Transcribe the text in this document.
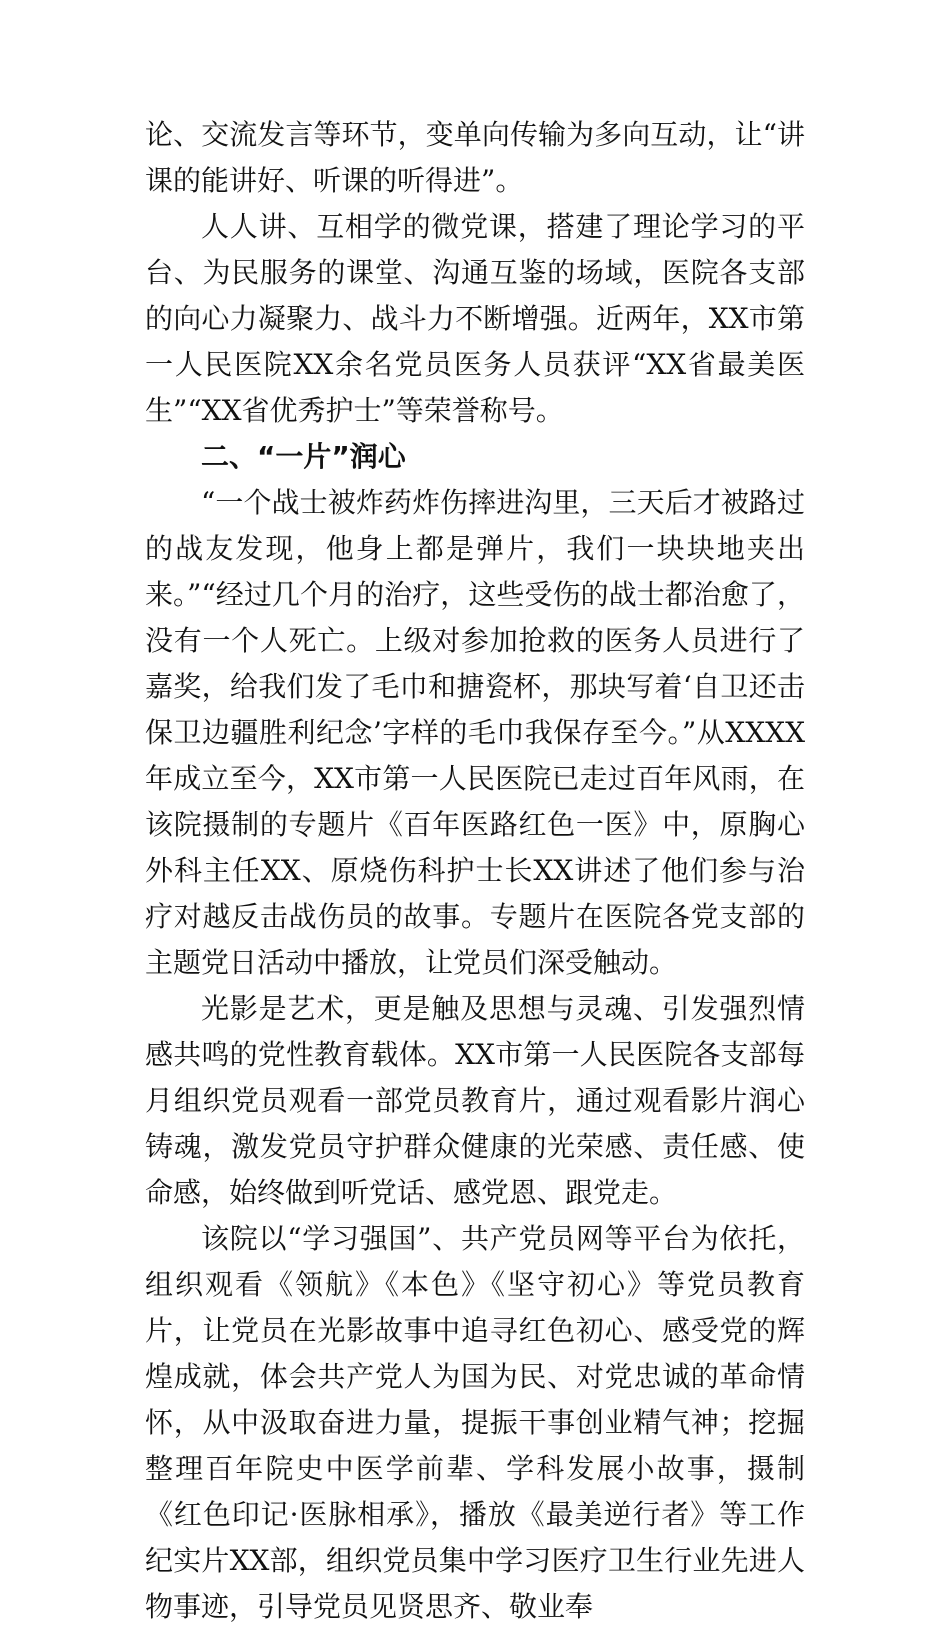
论、交流发言等环节，变单向传输为多向互动，让“讲课的能讲好、听课的听得进”。

人人讲、互相学的微党课，搭建了理论学习的平台、为民服务的课堂、沟通互鉴的场域，医院各支部的向心力凝聚力、战斗力不断增强。近两年，XX市第一人民医院XX余名党员医务人员获评“XX省最美医生”“XX省优秀护士”等荣誉称号。

二、“一片”润心

“一个战士被炸药炸伤摔进沟里，三天后才被路过的战友发现，他身上都是弹片，我们一块块地夹出来。”“经过几个月的治疗，这些受伤的战士都治愈了，没有一个人死亡。上级对参加抢救的医务人员进行了嘉奖，给我们发了毛巾和搪瓷杯，那块写着‘自卫还击保卫边疆胜利纪念’字样的毛巾我保存至今。”从XXXX年成立至今，XX市第一人民医院已走过百年风雨，在该院摄制的专题片《百年医路红色一医》中，原胸心外科主任XX、原烧伤科护士长XX讲述了他们参与治疗对越反击战伤员的故事。专题片在医院各党支部的主题党日活动中播放，让党员们深受触动。

光影是艺术，更是触及思想与灵魂、引发强烈情感共鸣的党性教育载体。XX市第一人民医院各支部每月组织党员观看一部党员教育片，通过观看影片润心铸魂，激发党员守护群众健康的光荣感、责任感、使命感，始终做到听党话、感党恩、跟党走。

该院以“学习强国”、共产党员网等平台为依托，组织观看《领航》《本色》《坚守初心》等党员教育片，让党员在光影故事中追寻红色初心、感受党的辉煌成就，体会共产党人为国为民、对党忠诚的革命情怀，从中汲取奋进力量，提振干事创业精气神；挖掘整理百年院史中医学前辈、学科发展小故事，摄制《红色印记·医脉相承》，播放《最美逆行者》等工作纪实片XX部，组织党员集中学习医疗卫生行业先进人物事迹，引导党员见贤思齐、敬业奉
